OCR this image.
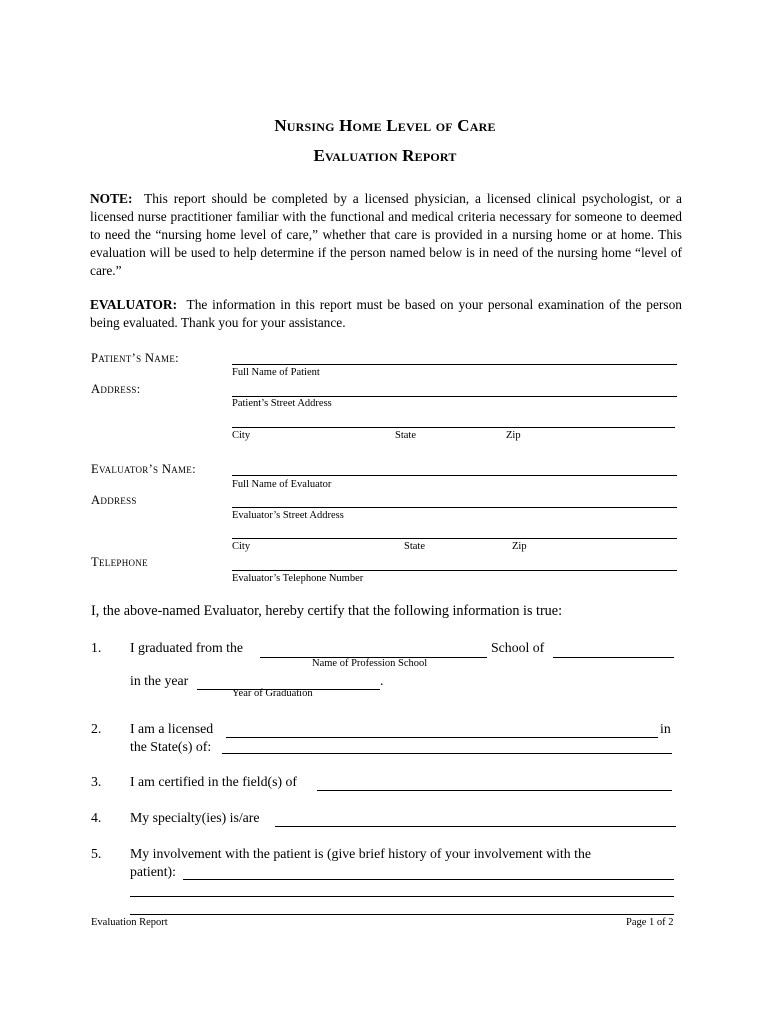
Nursing Home Level of Care
Evaluation Report
NOTE: This report should be completed by a licensed physician, a licensed clinical psychologist, or a licensed nurse practitioner familiar with the functional and medical criteria necessary for someone to deemed to need the “nursing home level of care,” whether that care is provided in a nursing home or at home. This evaluation will be used to help determine if the person named below is in need of the nursing home “level of care.”
EVALUATOR: The information in this report must be based on your personal examination of the person being evaluated. Thank you for your assistance.
Patient’s Name:
Full Name of Patient
Address:
Patient’s Street Address
City	State	Zip
Evaluator’s Name:
Full Name of Evaluator
Address
Evaluator’s Street Address
City	State	Zip
Telephone
Evaluator’s Telephone Number
I, the above-named Evaluator, hereby certify that the following information is true:
1. I graduated from the	School of
Name of Profession School
in the year	.
Year of Graduation
2. I am a licensed	in
the State(s) of:
3. I am certified in the field(s) of
4. My specialty(ies) is/are
5. My involvement with the patient is (give brief history of your involvement with the
patient):
Evaluation Report	Page 1 of 2
